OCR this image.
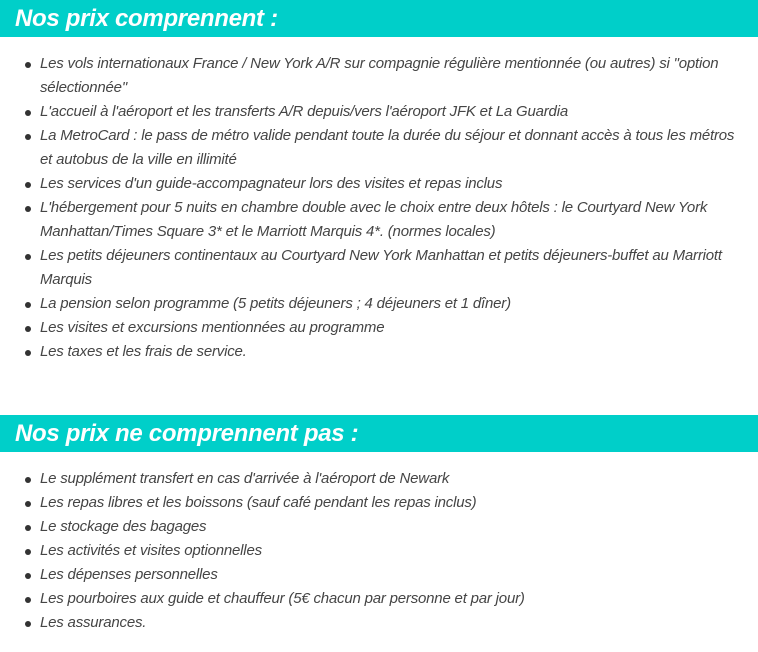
Nos prix comprennent :
Les vols internationaux France / New York A/R sur compagnie régulière mentionnée (ou autres) si "option sélectionnée"
L'accueil à l'aéroport et les transferts A/R depuis/vers l'aéroport JFK et La Guardia
La MetroCard : le pass de métro valide pendant toute la durée du séjour et donnant accès à tous les métros et autobus de la ville en illimité
Les services d'un guide-accompagnateur lors des visites et repas inclus
L'hébergement pour 5 nuits en chambre double avec le choix entre deux hôtels : le Courtyard New York Manhattan/Times Square 3* et le Marriott Marquis 4*. (normes locales)
Les petits déjeuners continentaux au Courtyard New York Manhattan et petits déjeuners-buffet au Marriott Marquis
La pension selon programme (5 petits déjeuners ; 4 déjeuners et 1 dîner)
Les visites et excursions mentionnées au programme
Les taxes et les frais de service.
Nos prix ne comprennent pas :
Le supplément transfert en cas d'arrivée à l'aéroport de Newark
Les repas libres et les boissons (sauf café pendant les repas inclus)
Le stockage des bagages
Les activités et visites optionnelles
Les dépenses personnelles
Les pourboires aux guide et chauffeur (5€ chacun par personne et par jour)
Les assurances.
